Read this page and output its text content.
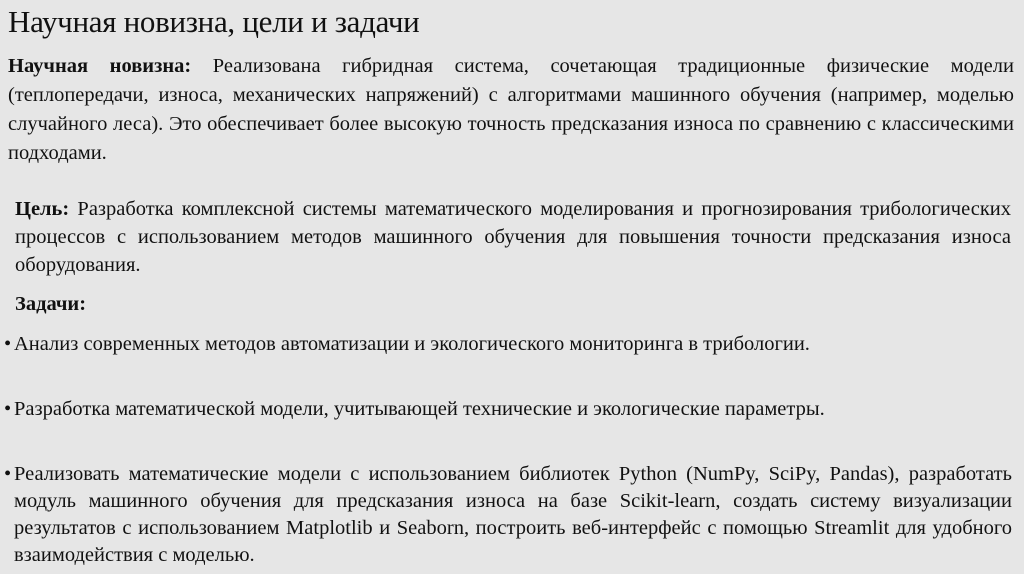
Научная новизна, цели и задачи

Научная новизна: Реализована гибридная система, сочетающая традиционные физические модели (теплопередачи, износа, механических напряжений) с алгоритмами машинного обучения (например, моделью случайного леса). Это обеспечивает более высокую точность предсказания износа по сравнению с классическими подходами.

Цель: Разработка комплексной системы математического моделирования и прогнозирования трибологических процессов с использованием методов машинного обучения для повышения точности предсказания износа оборудования.

Задачи:

• Анализ современных методов автоматизации и экологического мониторинга в трибологии.

• Разработка математической модели, учитывающей технические и экологические параметры.

• Реализовать математические модели с использованием библиотек Python (NumPy, SciPy, Pandas), разработать модуль машинного обучения для предсказания износа на базе Scikit-learn, создать систему визуализации результатов с использованием Matplotlib и Seaborn, построить веб-интерфейс с помощью Streamlit для удобного взаимодействия с моделью.
